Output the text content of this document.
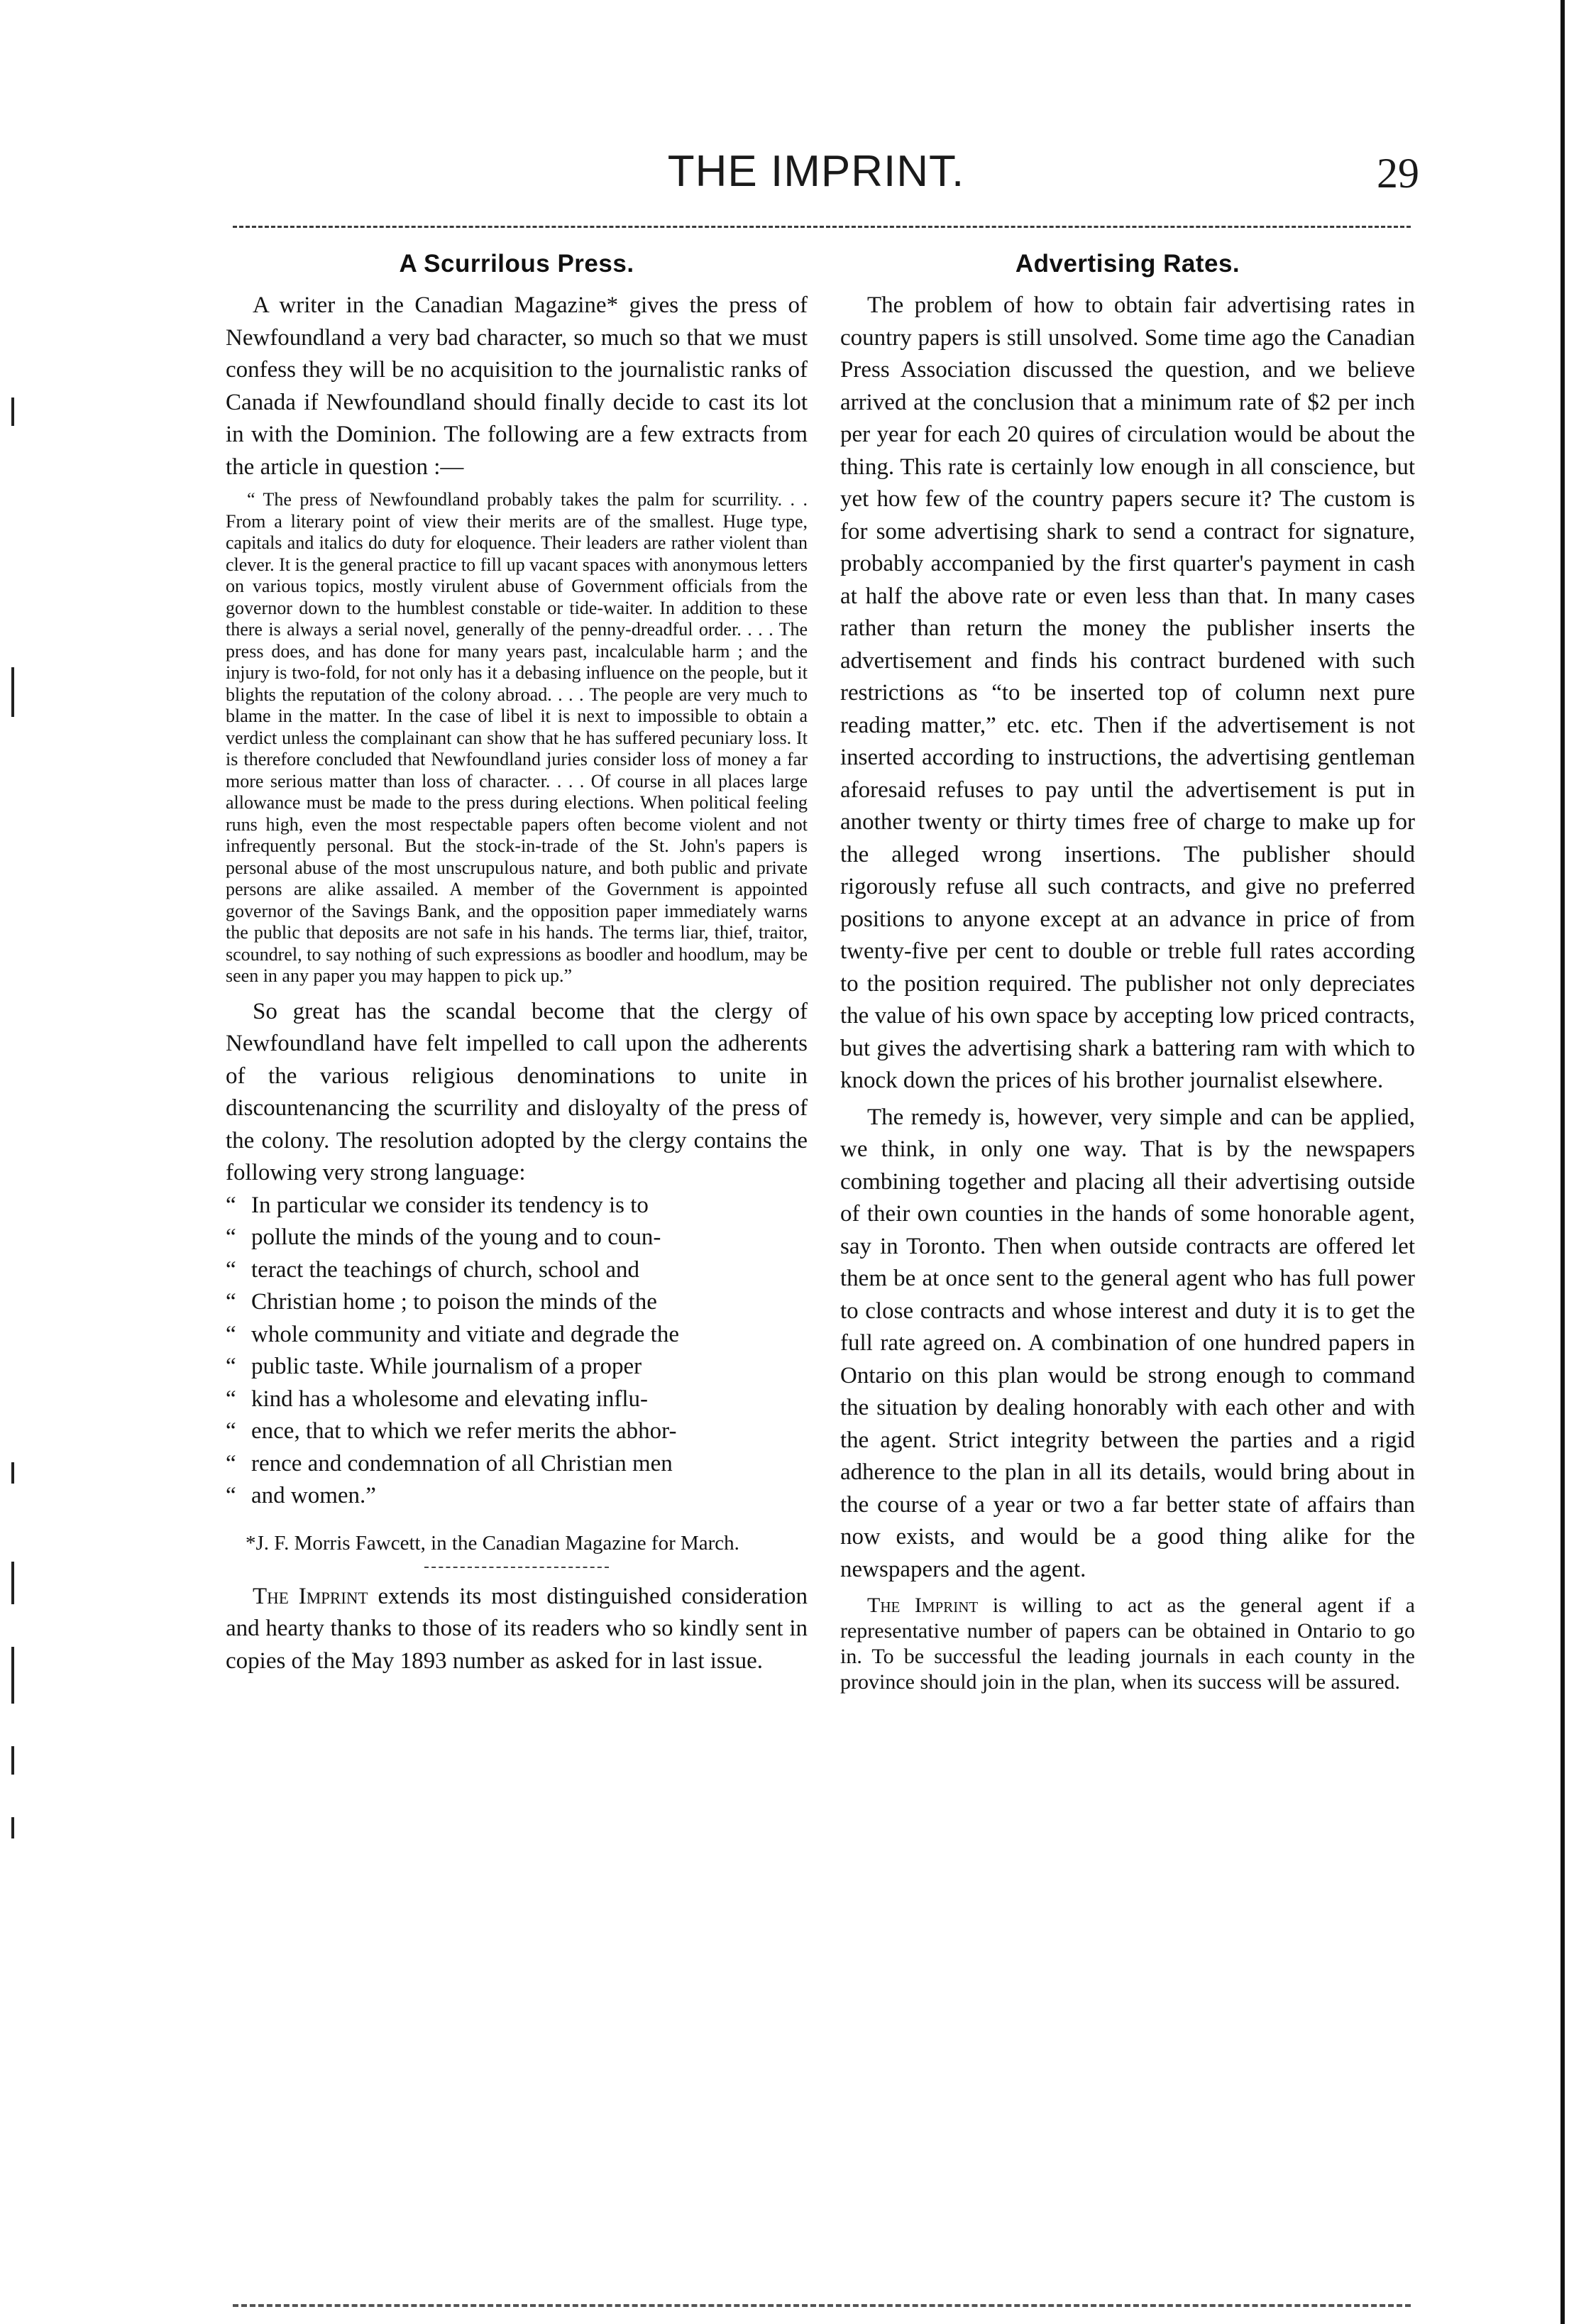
THE IMPRINT.	29
A Scurrilous Press.

A writer in the Canadian Magazine* gives the press of Newfoundland a very bad character, so much so that we must confess they will be no acquisition to the journalistic ranks of Canada if Newfoundland should finally decide to cast its lot in with the Dominion. The following are a few extracts from the article in question :—

“ The press of Newfoundland probably takes the palm for scurrility. . . From a literary point of view their merits are of the smallest. Huge type, capitals and italics do duty for eloquence. Their leaders are rather violent than clever. It is the general practice to fill up vacant spaces with anonymous letters on various topics, mostly virulent abuse of Government officials from the governor down to the humblest constable or tide-waiter. In addition to these there is always a serial novel, generally of the penny-dreadful order. . . . The press does, and has done for many years past, incalculable harm ; and the injury is two-fold, for not only has it a debasing influence on the people, but it blights the reputation of the colony abroad. . . . The people are very much to blame in the matter. In the case of libel it is next to impossible to obtain a verdict unless the complainant can show that he has suffered pecuniary loss. It is therefore concluded that Newfoundland juries consider loss of money a far more serious matter than loss of character. . . . Of course in all places large allowance must be made to the press during elections. When political feeling runs high, even the most respectable papers often become violent and not infrequently personal. But the stock-in-trade of the St. John's papers is personal abuse of the most unscrupulous nature, and both public and private persons are alike assailed. A member of the Government is appointed governor of the Savings Bank, and the opposition paper immediately warns the public that deposits are not safe in his hands. The terms liar, thief, traitor, scoundrel, to say nothing of such expressions as boodler and hoodlum, may be seen in any paper you may happen to pick up.”

So great has the scandal become that the clergy of Newfoundland have felt impelled to call upon the adherents of the various religious denominations to unite in discountenancing the scurrility and disloyalty of the press of the colony. The resolution adopted by the clergy contains the following very strong language:

“ In particular we consider its tendency is to
“ pollute the minds of the young and to coun-
“ teract the teachings of church, school and
“ Christian home ; to poison the minds of the
“ whole community and vitiate and degrade the
“ public taste. While journalism of a proper
“ kind has a wholesome and elevating influ-
“ ence, that to which we refer merits the abhor-
“ rence and condemnation of all Christian men
“ and women.”

*J. F. Morris Fawcett, in the Canadian Magazine for March.

The Imprint extends its most distinguished consideration and hearty thanks to those of its readers who so kindly sent in copies of the May 1893 number as asked for in last issue.

Advertising Rates.

The problem of how to obtain fair advertising rates in country papers is still unsolved. Some time ago the Canadian Press Association discussed the question, and we believe arrived at the conclusion that a minimum rate of $2 per inch per year for each 20 quires of circulation would be about the thing. This rate is certainly low enough in all conscience, but yet how few of the country papers secure it? The custom is for some advertising shark to send a contract for signature, probably accompanied by the first quarter's payment in cash at half the above rate or even less than that. In many cases rather than return the money the publisher inserts the advertisement and finds his contract burdened with such restrictions as “to be inserted top of column next pure reading matter,” etc. etc. Then if the advertisement is not inserted according to instructions, the advertising gentleman aforesaid refuses to pay until the advertisement is put in another twenty or thirty times free of charge to make up for the alleged wrong insertions. The publisher should rigorously refuse all such contracts, and give no preferred positions to anyone except at an advance in price of from twenty-five per cent to double or treble full rates according to the position required. The publisher not only depreciates the value of his own space by accepting low priced contracts, but gives the advertising shark a battering ram with which to knock down the prices of his brother journalist elsewhere.

The remedy is, however, very simple and can be applied, we think, in only one way. That is by the newspapers combining together and placing all their advertising outside of their own counties in the hands of some honorable agent, say in Toronto. Then when outside contracts are offered let them be at once sent to the general agent who has full power to close contracts and whose interest and duty it is to get the full rate agreed on. A combination of one hundred papers in Ontario on this plan would be strong enough to command the situation by dealing honorably with each other and with the agent. Strict integrity between the parties and a rigid adherence to the plan in all its details, would bring about in the course of a year or two a far better state of affairs than now exists, and would be a good thing alike for the newspapers and the agent.

The Imprint is willing to act as the general agent if a representative number of papers can be obtained in Ontario to go in. To be successful the leading journals in each county in the province should join in the plan, when its success will be assured.
